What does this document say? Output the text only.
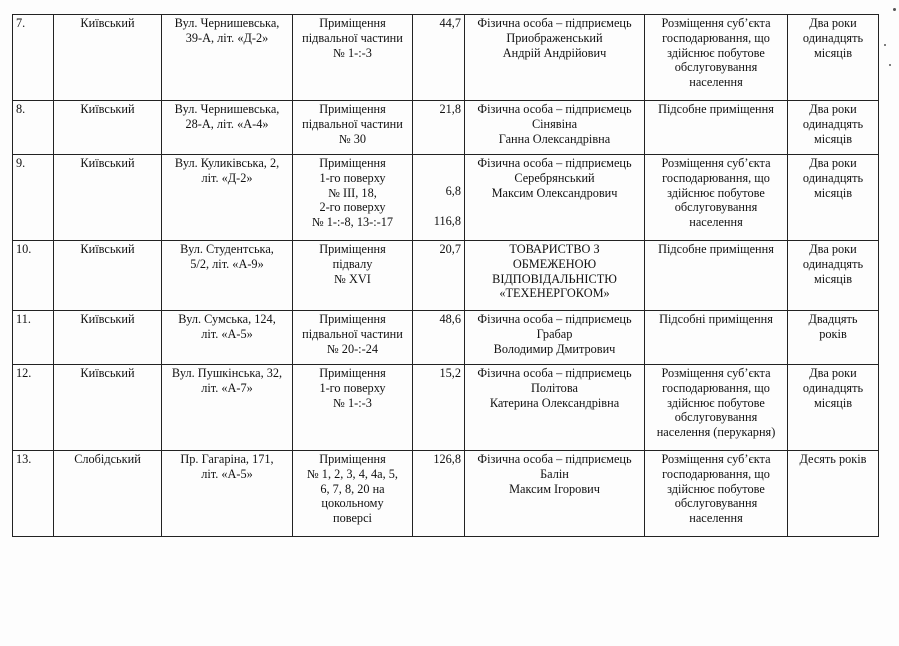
7.	Київський	Вул. Чернишевська,
39-А, літ. «Д-2»	Приміщення
підвальної частини
№ 1-:-3	44,7	Фізична особа – підприємець
Приображенський
Андрій Андрійович	Розміщення суб’єкта
господарювання, що
здійснює побутове
обслуговування
населення	Два роки
одинадцять
місяців

8.	Київський	Вул. Чернишевська,
28-А, літ. «А-4»	Приміщення
підвальної частини
№ 30	21,8	Фізична особа – підприємець
Сінявіна
Ганна Олександрівна	Підсобне приміщення	Два роки
одинадцять
місяців

9.	Київський	Вул. Куликівська, 2,
літ. «Д-2»	Приміщення
1-го поверху
№ III, 18,
2-го поверху
№ 1-:-8, 13-:-17	6,8
116,8	Фізична особа – підприємець
Серебрянський
Максим Олександрович	Розміщення суб’єкта
господарювання, що
здійснює побутове
обслуговування
населення	Два роки
одинадцять
місяців

10.	Київський	Вул. Студентська,
5/2, літ. «А-9»	Приміщення
підвалу
№ XVI	20,7	ТОВАРИСТВО З
ОБМЕЖЕНОЮ
ВІДПОВІДАЛЬНІСТЮ
«ТЕХЕНЕРГОКОМ»	Підсобне приміщення	Два роки
одинадцять
місяців

11.	Київський	Вул. Сумська, 124,
літ. «А-5»	Приміщення
підвальної частини
№ 20-:-24	48,6	Фізична особа – підприємець
Грабар
Володимир Дмитрович	Підсобні приміщення	Двадцять
років

12.	Київський	Вул. Пушкінська, 32,
літ. «А-7»	Приміщення
1-го поверху
№ 1-:-3	15,2	Фізична особа – підприємець
Політова
Катерина Олександрівна	Розміщення суб’єкта
господарювання, що
здійснює побутове
обслуговування
населення (перукарня)	Два роки
одинадцять
місяців

13.	Слобідський	Пр. Гагаріна, 171,
літ. «А-5»	Приміщення
№ 1, 2, 3, 4, 4а, 5,
6, 7, 8, 20 на
цокольному
поверсі	126,8	Фізична особа – підприємець
Балін
Максим Ігорович	Розміщення суб’єкта
господарювання, що
здійснює побутове
обслуговування
населення	Десять років
